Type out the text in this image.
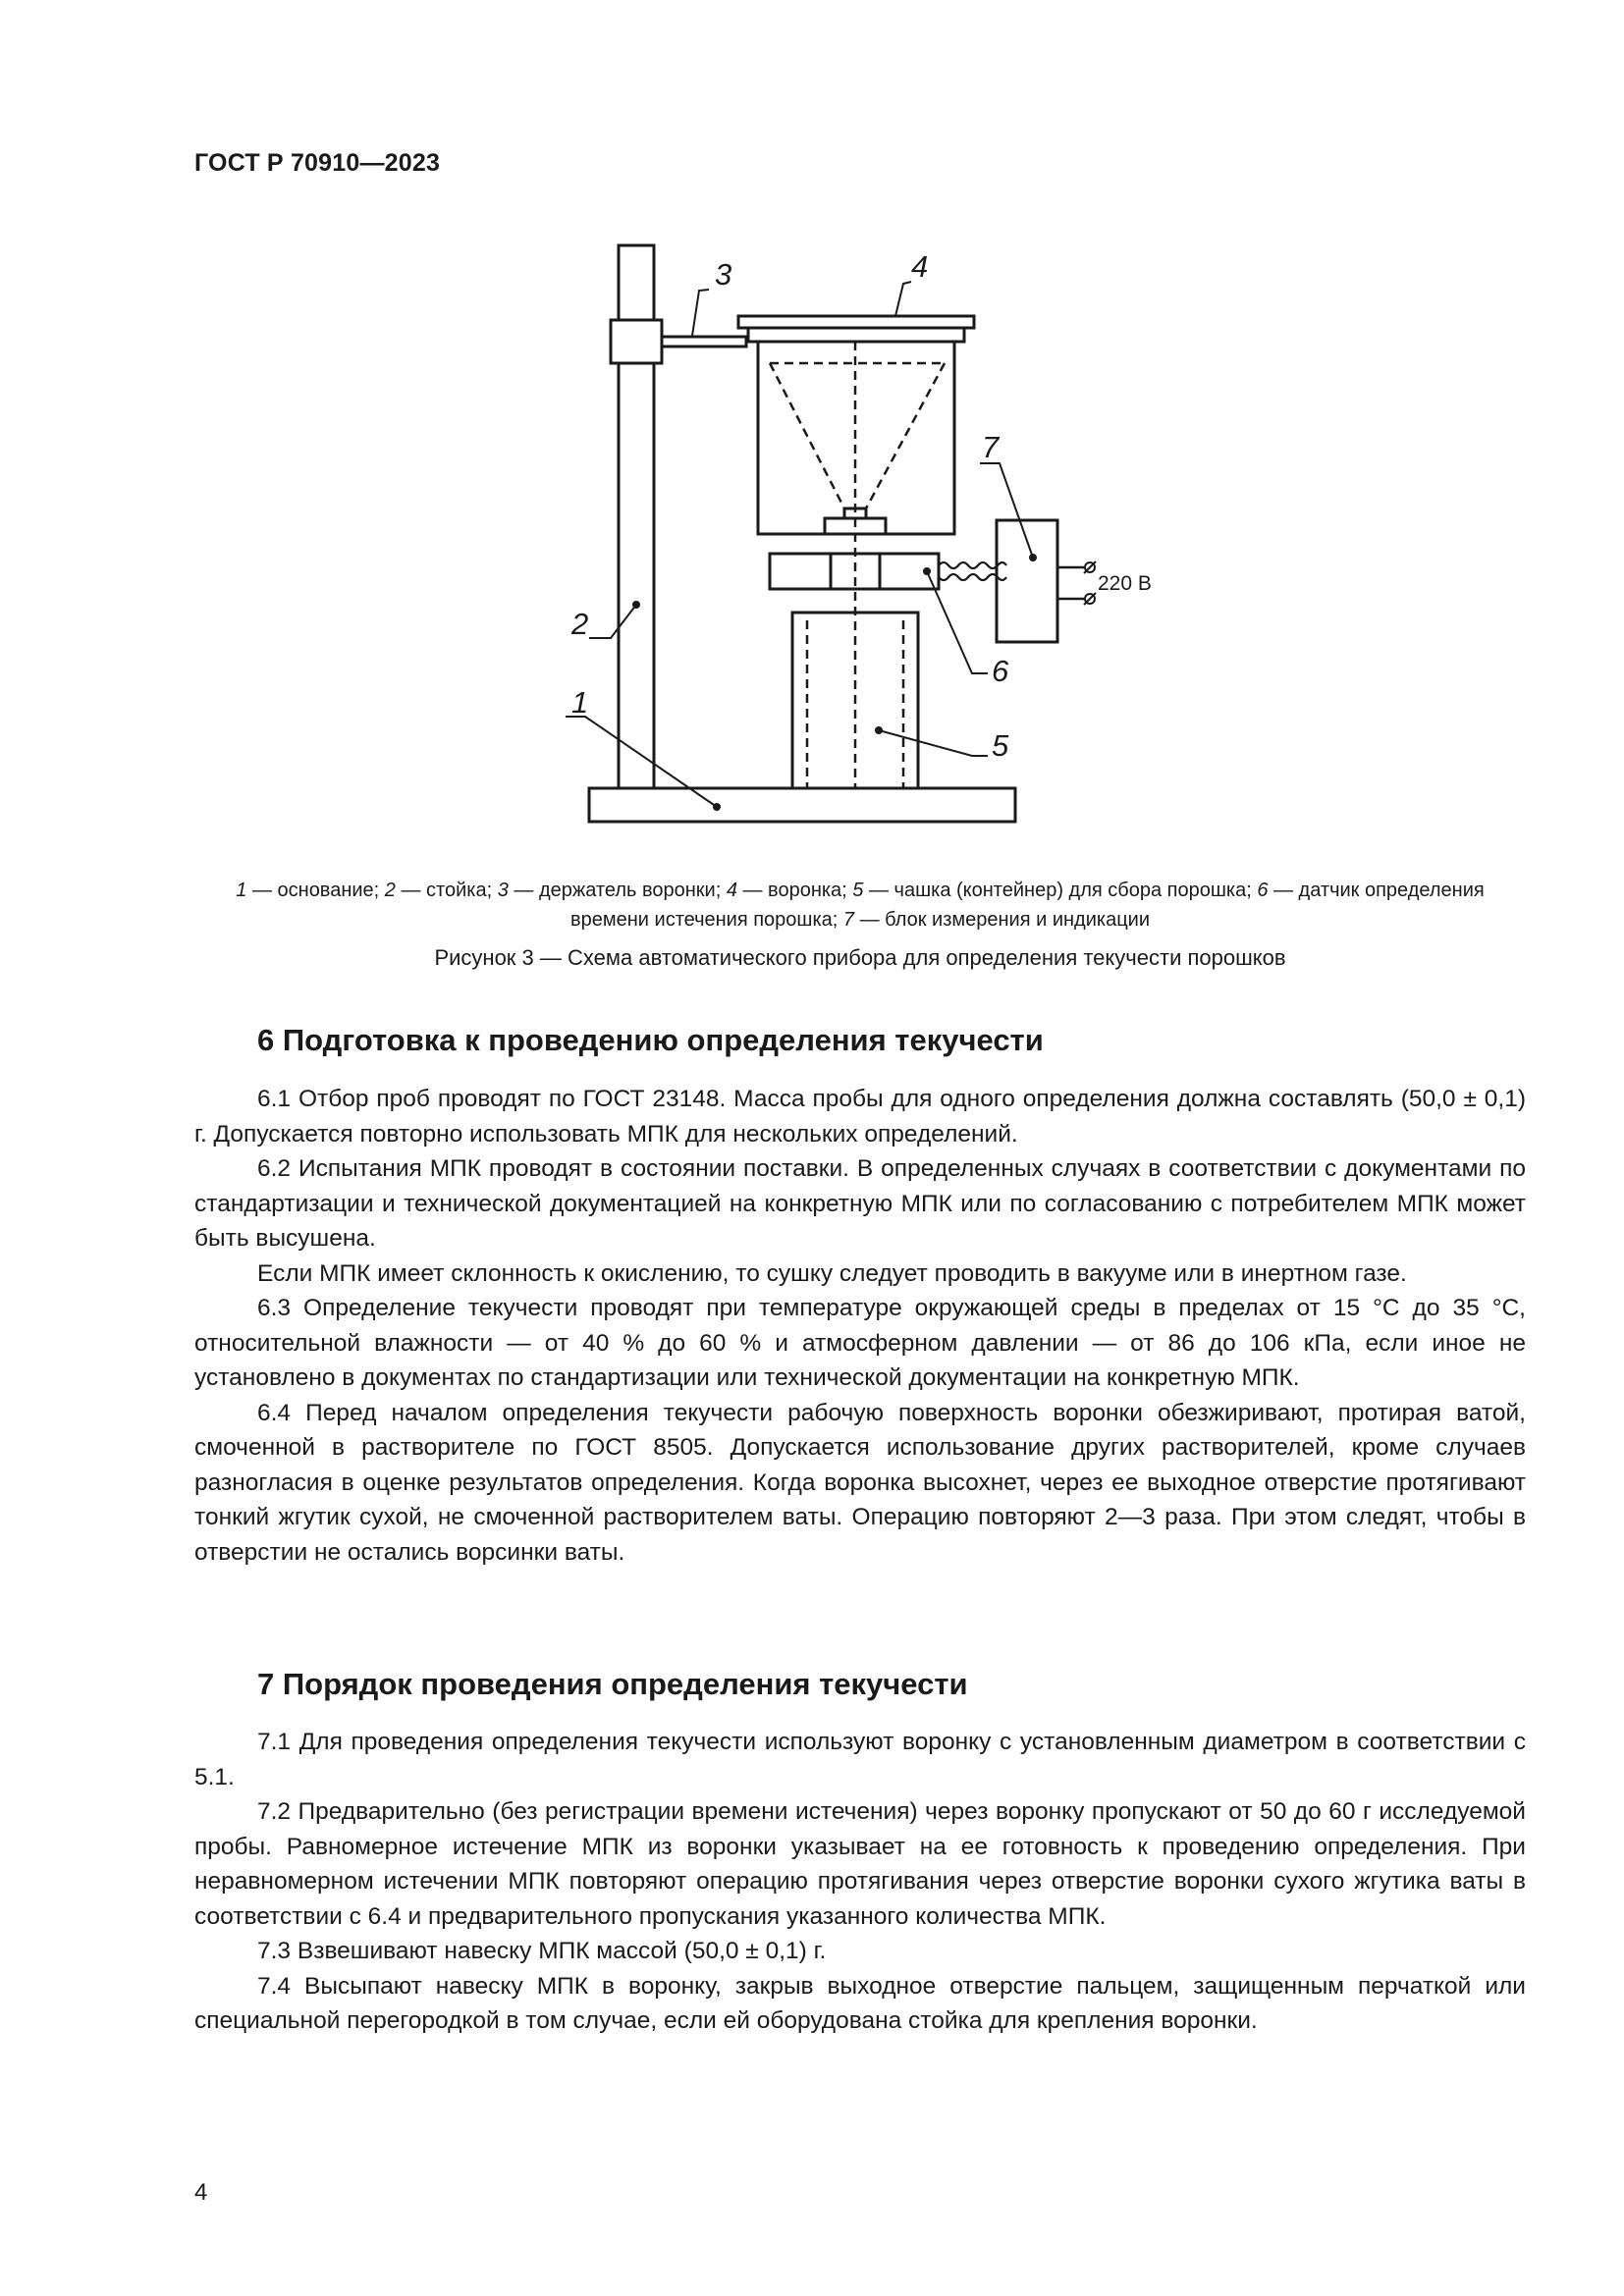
ГОСТ Р 70910—2023
3	4
7
2
6
1
5
220 В
1 — основание; 2 — стойка; 3 — держатель воронки; 4 — воронка; 5 — чашка (контейнер) для сбора порошка; 6 — датчик определения времени истечения порошка; 7 — блок измерения и индикации
Рисунок 3 — Схема автоматического прибора для определения текучести порошков
6 Подготовка к проведению определения текучести

6.1 Отбор проб проводят по ГОСТ 23148. Масса пробы для одного определения должна составлять (50,0 ± 0,1) г. Допускается повторно использовать МПК для нескольких определений.

6.2 Испытания МПК проводят в состоянии поставки. В определенных случаях в соответствии с документами по стандартизации и технической документацией на конкретную МПК или по согласованию с потребителем МПК может быть высушена.

Если МПК имеет склонность к окислению, то сушку следует проводить в вакууме или в инертном газе.

6.3 Определение текучести проводят при температуре окружающей среды в пределах от 15 °С до 35 °С, относительной влажности — от 40 % до 60 % и атмосферном давлении — от 86 до 106 кПа, если иное не установлено в документах по стандартизации или технической документации на конкретную МПК.

6.4 Перед началом определения текучести рабочую поверхность воронки обезжиривают, протирая ватой, смоченной в растворителе по ГОСТ 8505. Допускается использование других растворителей, кроме случаев разногласия в оценке результатов определения. Когда воронка высохнет, через ее выходное отверстие протягивают тонкий жгутик сухой, не смоченной растворителем ваты. Операцию повторяют 2—3 раза. При этом следят, чтобы в отверстии не остались ворсинки ваты.

7 Порядок проведения определения текучести

7.1 Для проведения определения текучести используют воронку с установленным диаметром в соответствии с 5.1.

7.2 Предварительно (без регистрации времени истечения) через воронку пропускают от 50 до 60 г исследуемой пробы. Равномерное истечение МПК из воронки указывает на ее готовность к проведению определения. При неравномерном истечении МПК повторяют операцию протягивания через отверстие воронки сухого жгутика ваты в соответствии с 6.4 и предварительного пропускания указанного количества МПК.

7.3 Взвешивают навеску МПК массой (50,0 ± 0,1) г.

7.4 Высыпают навеску МПК в воронку, закрыв выходное отверстие пальцем, защищенным перчаткой или специальной перегородкой в том случае, если ей оборудована стойка для крепления воронки.

4
